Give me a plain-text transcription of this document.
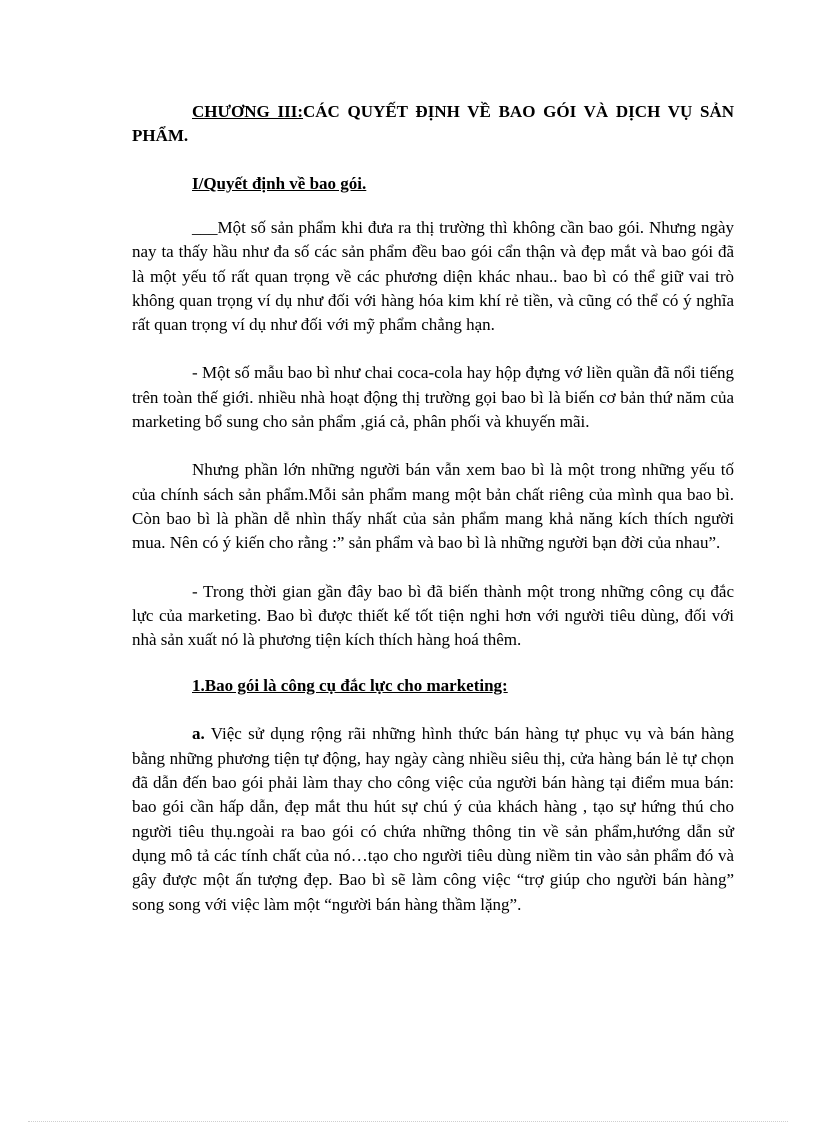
CHƯƠNG III:CÁC QUYẾT ĐỊNH VỀ BAO GÓI VÀ DỊCH VỤ SẢN PHẨM.
I/Quyết định về bao gói.

___Một số sản phẩm khi đưa ra thị trường thì không cần bao gói. Nhưng ngày nay ta thấy hầu như đa số các sản phẩm đều bao gói cẩn thận và đẹp mắt và bao gói đã là một yếu tố rất quan trọng về các phương diện khác nhau.. bao bì có thể giữ vai trò không quan trọng ví dụ như đối với hàng hóa kim khí rẻ tiền, và cũng có thể có ý nghĩa rất quan trọng ví dụ như đối với mỹ phẩm chẳng hạn.

- Một số mẫu bao bì như chai coca-cola hay hộp đựng vớ liền quần đã nổi tiếng trên toàn thế giới. nhiều nhà hoạt động thị trường gọi bao bì là biến cơ bản thứ năm của marketing bổ sung cho sản phẩm ,giá cả, phân phối và khuyến mãi.

Nhưng phần lớn những người bán vẫn xem bao bì là một trong những yếu tố của chính sách sản phẩm.Mỗi sản phẩm mang một bản chất riêng của mình qua bao bì. Còn bao bì là phần dễ nhìn thấy nhất của sản phẩm mang khả năng kích thích người mua. Nên có ý kiến cho rằng :” sản phẩm và bao bì là những người bạn đời của nhau”.

- Trong thời gian gần đây bao bì đã biến thành một trong những công cụ đắc lực của marketing. Bao bì được thiết kế tốt tiện nghi hơn với người tiêu dùng, đối với nhà sản xuất nó là phương tiện kích thích hàng hoá thêm.

1.Bao gói là công cụ đắc lực cho marketing:

a. Việc sử dụng rộng rãi những hình thức bán hàng tự phục vụ và bán hàng bằng những phương tiện tự động, hay ngày càng nhiều siêu thị, cửa hàng bán lẻ tự chọn đã dẫn đến bao gói phải làm thay cho công việc của người bán hàng tại điểm mua bán: bao gói cần hấp dẫn, đẹp mắt thu hút sự chú ý của khách hàng , tạo sự hứng thú cho người tiêu thụ.ngoài ra bao gói có chứa những thông tin về sản phẩm,hướng dẫn sử dụng mô tả các tính chất của nó…tạo cho người tiêu dùng niềm tin vào sản phẩm đó và gây được một ấn tượng đẹp. Bao bì sẽ làm công việc “trợ giúp cho người bán hàng” song song với việc làm một “người bán hàng thầm lặng”.
